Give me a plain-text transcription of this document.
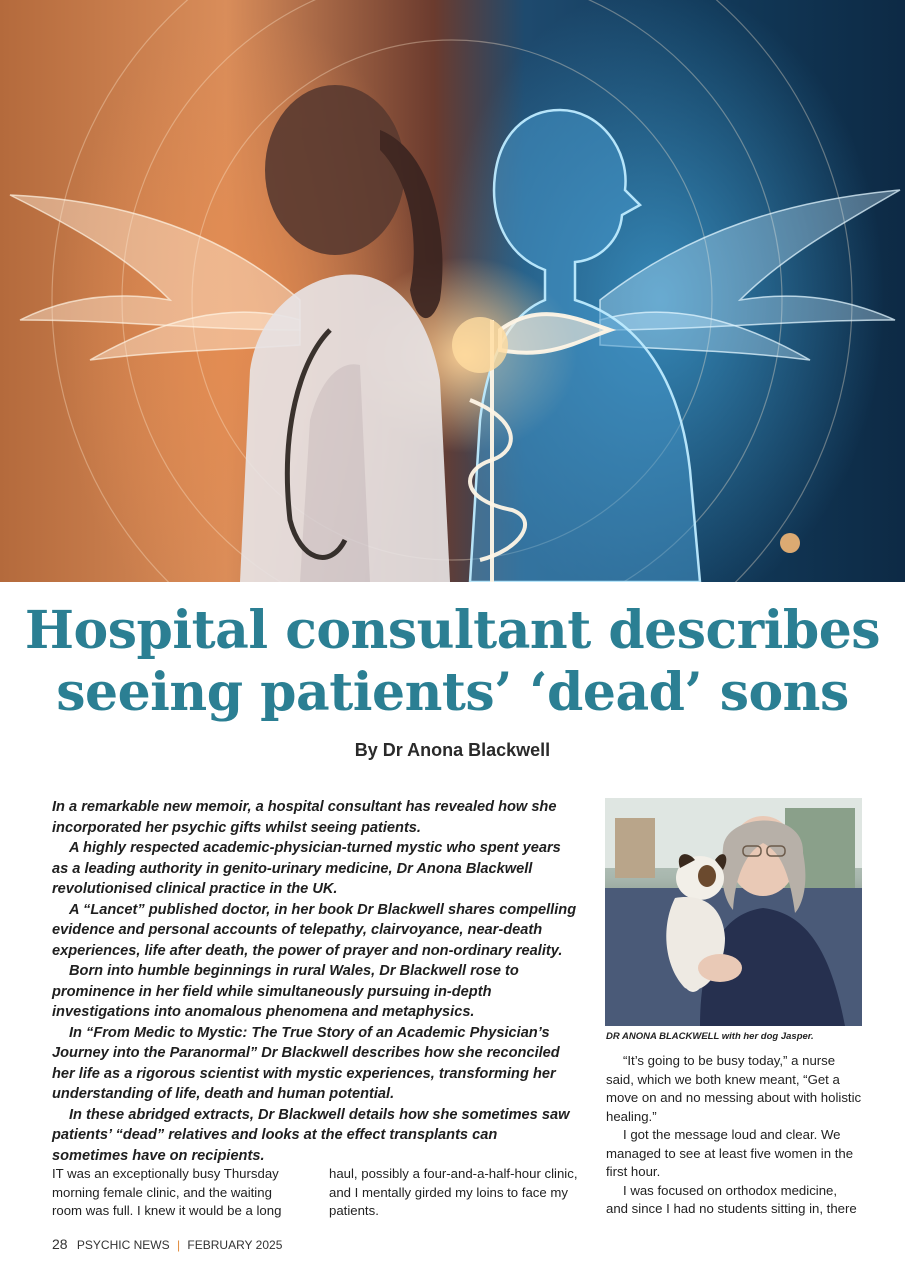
Hospital consultant describes seeing patients’ ‘dead’ sons
By Dr Anona Blackwell

In a remarkable new memoir, a hospital consultant has revealed how she incorporated her psychic gifts whilst seeing patients.

A highly respected academic-physician-turned mystic who spent years as a leading authority in genito-urinary medicine, Dr Anona Blackwell revolutionised clinical practice in the UK.

A “Lancet” published doctor, in her book Dr Blackwell shares compelling evidence and personal accounts of telepathy, clairvoyance, near-death experiences, life after death, the power of prayer and non-ordinary reality.

Born into humble beginnings in rural Wales, Dr Blackwell rose to prominence in her field while simultaneously pursuing in-depth investigations into anomalous phenomena and metaphysics.

In “From Medic to Mystic: The True Story of an Academic Physician’s Journey into the Paranormal” Dr Blackwell describes how she reconciled her life as a rigorous scientist with mystic experiences, transforming her understanding of life, death and human potential.

In these abridged extracts, Dr Blackwell details how she sometimes saw patients’ “dead” relatives and looks at the effect transplants can sometimes have on recipients.

IT was an exceptionally busy Thursday morning female clinic, and the waiting room was full. I knew it would be a long

haul, possibly a four-and-a-half-hour clinic, and I mentally girded my loins to face my patients.

DR ANONA BLACKWELL with her dog Jasper.

“It’s going to be busy today,” a nurse said, which we both knew meant, “Get a move on and no messing about with holistic healing.”

I got the message loud and clear. We managed to see at least five women in the first hour.

I was focused on orthodox medicine, and since I had no students sitting in, there

28 PSYCHIC NEWS | FEBRUARY 2025
